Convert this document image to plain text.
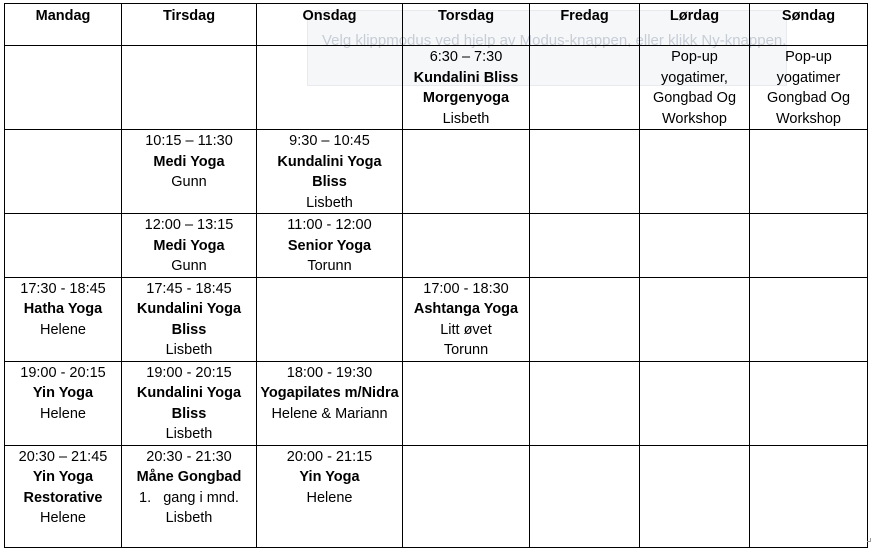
Velg klippmodus ved hjelp av Modus-knappen, eller klikk Ny-knappen.
Mandag	Tirsdag	Onsdag	Torsdag	Fredag	Lørdag	Søndag

			6:30 – 7:30
Kundalini Bliss Morgenyoga
Lisbeth		Pop-up yogatimer, Gongbad Og Workshop	Pop-up yogatimer Gongbad Og Workshop

	10:15 – 11:30
Medi Yoga
Gunn	9:30 – 10:45
Kundalini Yoga Bliss
Lisbeth				

	12:00 – 13:15
Medi Yoga
Gunn	11:00 - 12:00
Senior Yoga
Torunn				

17:30 - 18:45
Hatha Yoga
Helene	17:45 - 18:45
Kundalini Yoga Bliss
Lisbeth		17:00 - 18:30
Ashtanga Yoga
Litt øvet
Torunn			

19:00 - 20:15
Yin Yoga
Helene	19:00 - 20:15
Kundalini Yoga Bliss
Lisbeth	18:00 - 19:30
Yogapilates m/Nidra
Helene & Mariann				

20:30 – 21:45
Yin Yoga Restorative
Helene	20:30 - 21:30
Måne Gongbad
1.   gang i mnd.
Lisbeth	20:00 - 21:15
Yin Yoga
Helene				
